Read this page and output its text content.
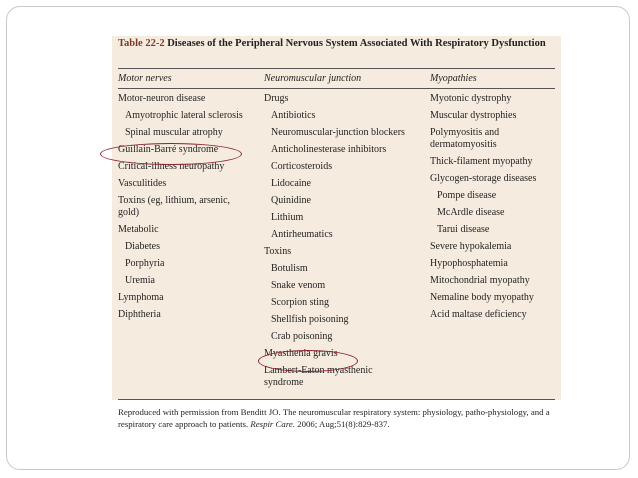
Table 22-2 Diseases of the Peripheral Nervous System Associated With Respiratory Dysfunction
Motor nerves	Neuromuscular junction	Myopathies
Motor-neuron disease
Amyotrophic lateral sclerosis
Spinal muscular atrophy
Guillain-Barré syndrome
Critical-illness neuropathy
Vasculitides
Toxins (eg, lithium, arsenic, gold)
Metabolic
Diabetes
Porphyria
Uremia
Lymphoma
Diphtheria
Drugs
Antibiotics
Neuromuscular-junction blockers
Anticholinesterase inhibitors
Corticosteroids
Lidocaine
Quinidine
Lithium
Antirheumatics
Toxins
Botulism
Snake venom
Scorpion sting
Shellfish poisoning
Crab poisoning
Myasthenia gravis
Lambert-Eaton myasthenic syndrome
Myotonic dystrophy
Muscular dystrophies
Polymyositis and dermatomyositis
Thick-filament myopathy
Glycogen-storage diseases
Pompe disease
McArdle disease
Tarui disease
Severe hypokalemia
Hypophosphatemia
Mitochondrial myopathy
Nemaline body myopathy
Acid maltase deficiency
Reproduced with permission from Benditt JO. The neuromuscular respiratory system: physiology, patho-physiology, and a respiratory care approach to patients. Respir Care. 2006; Aug;51(8):829-837.
